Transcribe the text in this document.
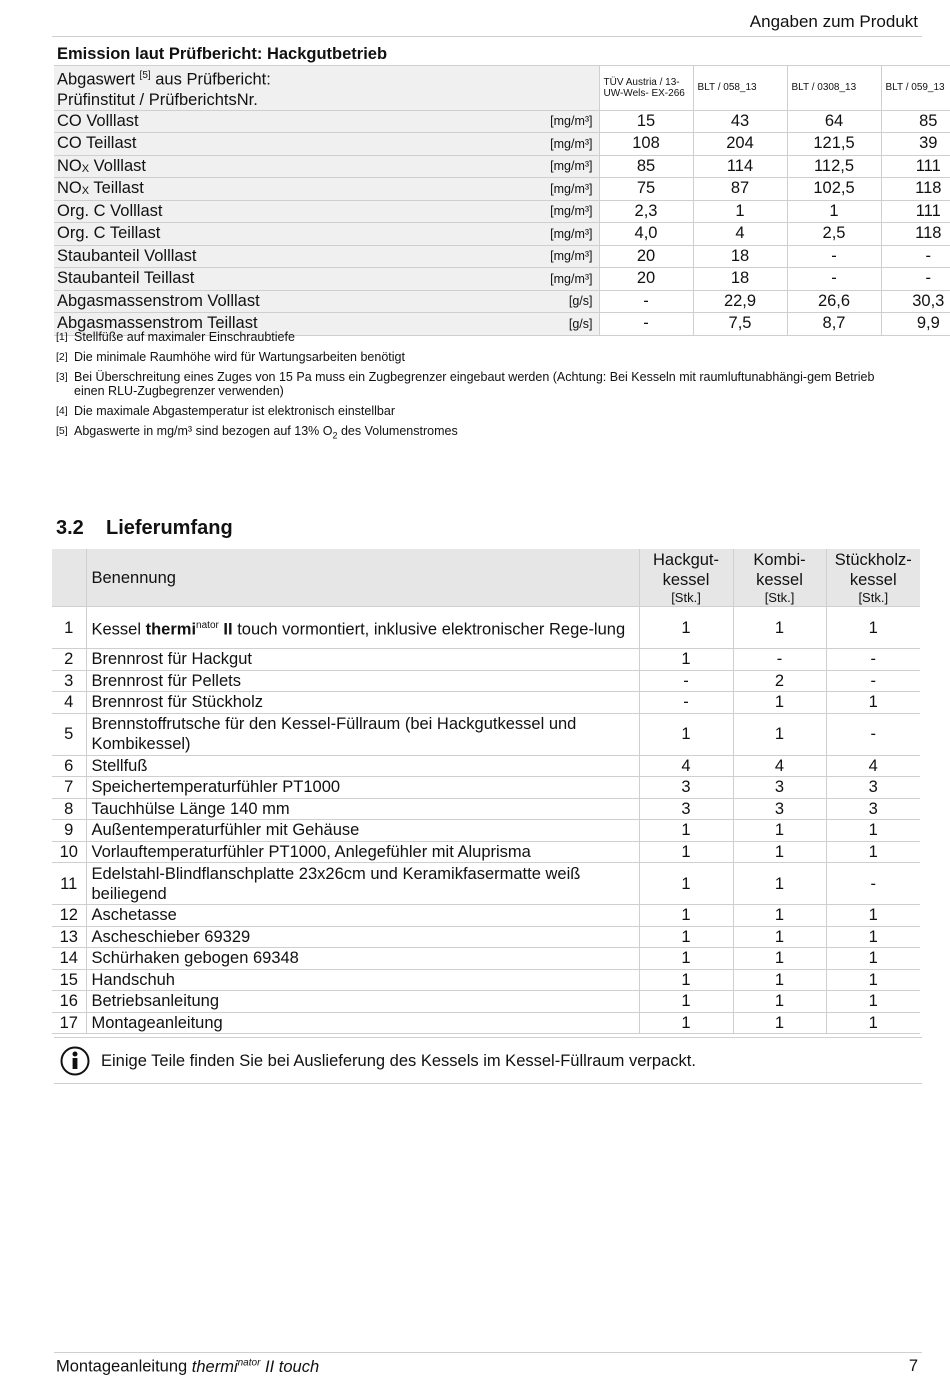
Angaben zum Produkt
Emission laut Prüfbericht: Hackgutbetrieb					
Abgaswert [5] aus Prüfbericht:
Prüfinstitut / PrüfberichtsNr.		TÜV Austria / 13-UW-Wels- EX-266	BLT / 058_13	BLT / 0308_13	BLT / 059_13
CO Volllast	[mg/m³]	15	43	64	85
CO Teillast	[mg/m³]	108	204	121,5	39
$NO_X$ Volllast	[mg/m³]	85	114	112,5	111
$NO_X$ Teillast	[mg/m³]	75	87	102,5	118
Org. C Volllast	[mg/m³]	2,3	1	1	111
Org. C Teillast	[mg/m³]	4,0	4	2,5	118
Staubanteil Volllast	[mg/m³]	20	18	-	-
Staubanteil Teillast	[mg/m³]	20	18	-	-
Abgasmassenstrom Volllast	[g/s]	-	22,9	26,6	30,3
Abgasmassenstrom Teillast	[g/s]	-	7,5	8,7	9,9
[1] Stellfüße auf maximaler Einschraubtiefe
[2] Die minimale Raumhöhe wird für Wartungsarbeiten benötigt
[3] Bei Überschreitung eines Zuges von 15 Pa muss ein Zugbegrenzer eingebaut werden (Achtung: Bei Kesseln mit raumluftunabhängi-gem Betrieb einen RLU-Zugbegrenzer verwenden)
[4] Die maximale Abgastemperatur ist elektronisch einstellbar
[5] Abgaswerte in mg/m³ sind bezogen auf 13% $O_2$ des Volumenstromes
3.2 Lieferumfang
	Benennung	Hackgut-
kessel
[Stk.]	Kombi-
kessel
[Stk.]	Stückholz-
kessel
[Stk.]

1	Kessel thermi$^{nator}$ II touch vormontiert, inklusive elektronischer Rege-lung	1	1	1
2	Brennrost für Hackgut	1	-	-
3	Brennrost für Pellets	-	2	-
4	Brennrost für Stückholz	-	1	1
5	Brennstoffrutsche für den Kessel-Füllraum (bei Hackgutkessel und Kombikessel)	1	1	-
6	Stellfuß	4	4	4
7	Speichertemperaturfühler PT1000	3	3	3
8	Tauchhülse Länge 140 mm	3	3	3
9	Außentemperaturfühler mit Gehäuse	1	1	1
10	Vorlauftemperaturfühler PT1000, Anlegefühler mit Aluprisma	1	1	1
11	Edelstahl-Blindflanschplatte 23x26cm und Keramikfasermatte weiß beiliegend	1	1	-
12	Aschetasse	1	1	1
13	Ascheschieber 69329	1	1	1
14	Schürhaken gebogen 69348	1	1	1
15	Handschuh	1	1	1
16	Betriebsanleitung	1	1	1
17	Montageanleitung	1	1	1
Einige Teile finden Sie bei Auslieferung des Kessels im Kessel-Füllraum verpackt.
Montageanleitung thermi$^{nator}$ II touch	7
